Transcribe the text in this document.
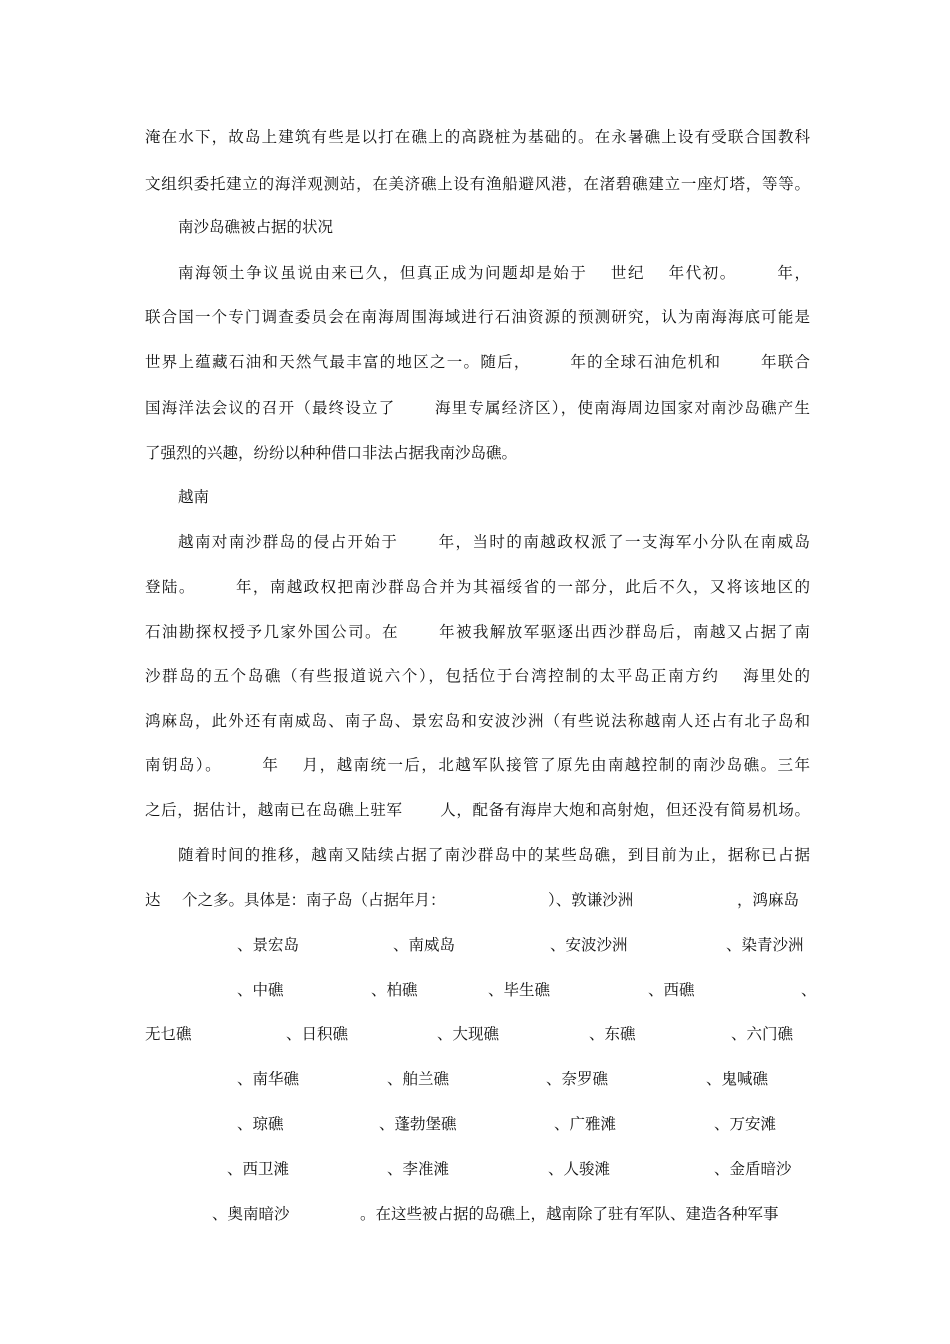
淹在水下，故岛上建筑有些是以打在礁上的高跷桩为基础的。在永暑礁上设有受联合国教科
文组织委托建立的海洋观测站，在美济礁上设有渔船避风港，在渚碧礁建立一座灯塔，等等。
南沙岛礁被占据的状况
南海领土争议虽说由来已久，但真正成为问题却是始于 　世纪 　年代初。 　　年，
联合国一个专门调查委员会在南海周围海域进行石油资源的预测研究，认为南海海底可能是
世界上蕴藏石油和天然气最丰富的地区之一。随后， 　　年的全球石油危机和 　　年联合
国海洋法会议的召开（最终设立了 　　海里专属经济区），使南海周边国家对南沙岛礁产生
了强烈的兴趣，纷纷以种种借口非法占据我南沙岛礁。
越南
越南对南沙群岛的侵占开始于 　　年，当时的南越政权派了一支海军小分队在南威岛
登陆。 　　年，南越政权把南沙群岛合并为其福绥省的一部分，此后不久，又将该地区的
石油勘探权授予几家外国公司。在 　　年被我解放军驱逐出西沙群岛后，南越又占据了南
沙群岛的五个岛礁（有些报道说六个），包括位于台湾控制的太平岛正南方约 　海里处的
鸿麻岛，此外还有南威岛、南子岛、景宏岛和安波沙洲（有些说法称越南人还占有北子岛和
南钥岛）。 　　年 　月，越南统一后，北越军队接管了原先由南越控制的南沙岛礁。三年
之后，据估计，越南已在岛礁上驻军 　　人，配备有海岸大炮和高射炮，但还没有简易机场。
随着时间的推移，越南又陆续占据了南沙群岛中的某些岛礁，到目前为止，据称已占据
达 个之多。具体是：南子岛（占据年月：	）、敦谦沙洲	，鸿麻岛
、景宏岛	、南威岛	、安波沙洲	、染青沙洲
、中礁	、柏礁	、毕生礁	、西礁	、
无乜礁	、日积礁	、大现礁	、东礁	、六门礁
、南华礁	、舶兰礁	、奈罗礁	、鬼喊礁
、琼礁	、蓬勃堡礁	、广雅滩	、万安滩
、西卫滩	、李准滩	、人骏滩	、金盾暗沙
、奥南暗沙	。在这些被占据的岛礁上，越南除了驻有军队、建造各种军事
